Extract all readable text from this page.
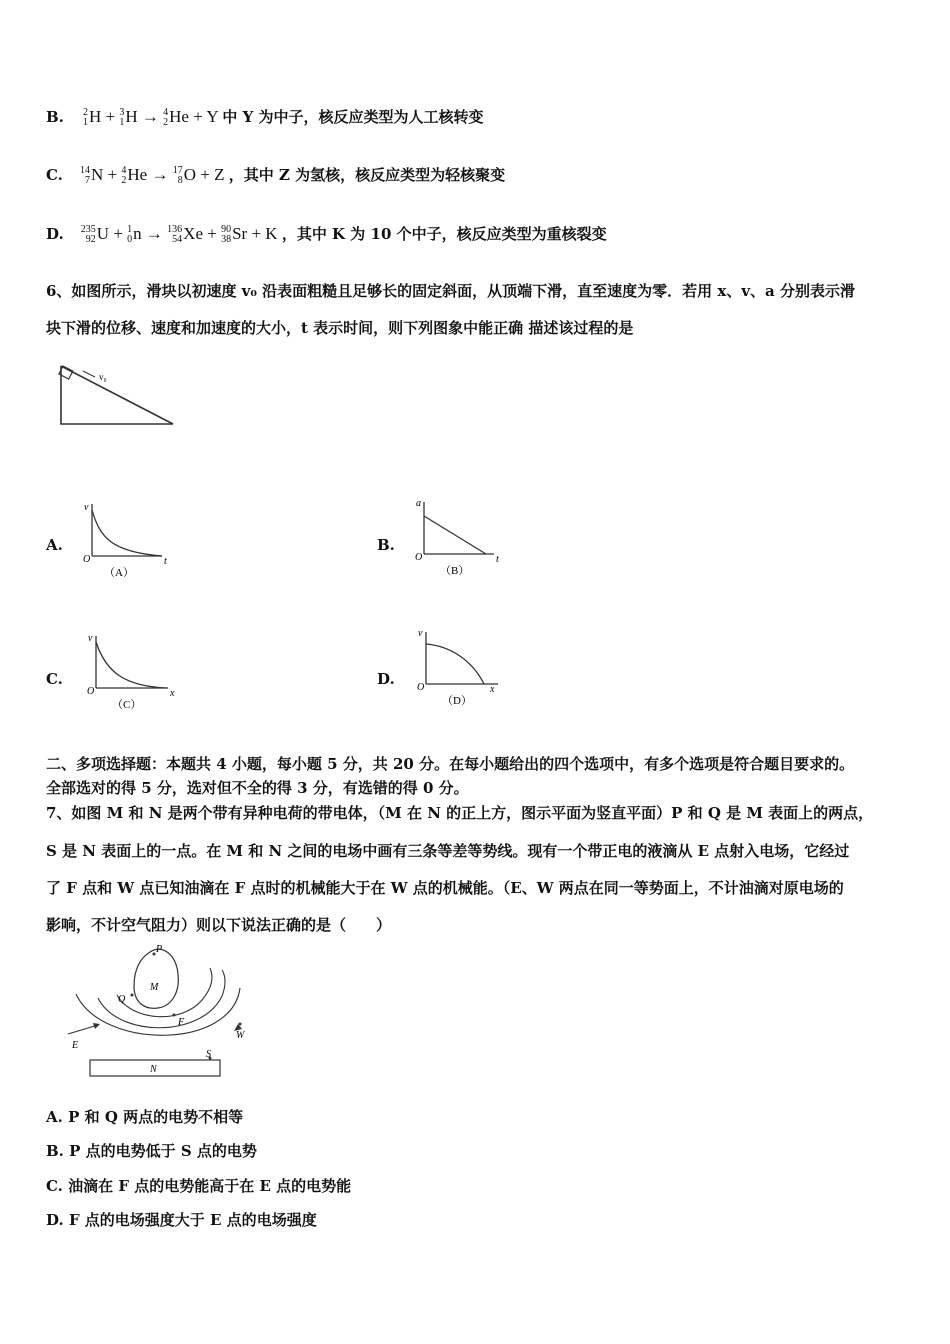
B. 2
1 H + 3
1 H → 4
2 He + Y 中 Y 为中子，核反应类型为人工核转变
C. 14
7 N + 4
2 He → 17
8 O + Z ，其中 Z 为氢核，核反应类型为轻核聚变
D. 235
92 U + 1
0 n → 136
54 Xe + 90
38 Sr + K ，其中 K 为 10 个中子，核反应类型为重核裂变
6、如图所示，滑块以初速度 v₀ 沿表面粗糙且足够长的固定斜面，从顶端下滑，直至速度为零．若用 x、v、a 分别表示滑
块下滑的位移、速度和加速度的大小，t 表示时间，则下列图象中能正确 描述该过程的是
v₀
A.
v
t
O
（A）
B.
a
t
O
（B）
C.
v
x
O
（C）
D.
v
x
O
（D）
二、多项选择题：本题共 4 小题，每小题 5 分，共 20 分。在每小题给出的四个选项中，有多个选项是符合题目要求的。
全部选对的得 5 分，选对但不全的得 3 分，有选错的得 0 分。
7、如图 M 和 N 是两个带有异种电荷的带电体，（M 在 N 的正上方，图示平面为竖直平面）P 和 Q 是 M 表面上的两点，
S 是 N 表面上的一点。在 M 和 N 之间的电场中画有三条等差等势线。现有一个带正电的液滴从 E 点射入电场，它经过
了 F 点和 W 点已知油滴在 F 点时的机械能大于在 W 点的机械能。（E、W 两点在同一等势面上，不计油滴对原电场的
影响，不计空气阻力）则以下说法正确的是（　　）
P
M
Q
F
W
E
S
N
A. P 和 Q 两点的电势不相等
B. P 点的电势低于 S 点的电势
C. 油滴在 F 点的电势能高于在 E 点的电势能
D. F 点的电场强度大于 E 点的电场强度
